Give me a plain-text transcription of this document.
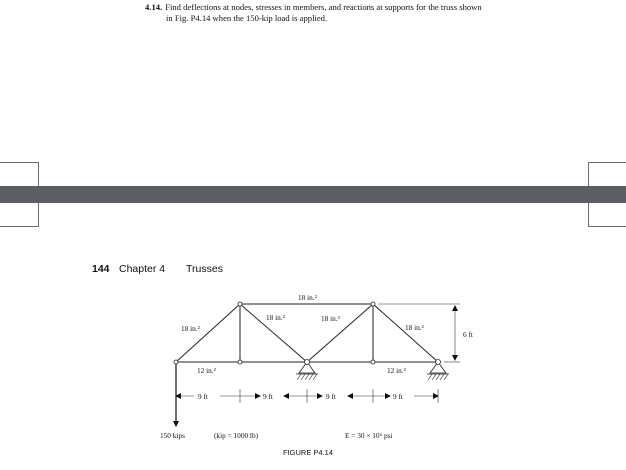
4.14. Find deflections at nodes, stresses in members, and reactions at supports for the truss shown
in Fig. P4.14 when the 150-kip load is applied.
144 Chapter 4 Trusses
18 in.²
18 in.²
18 in.²	18 in.²
18 in.²
12 in.²	12 in.²
6 ft
9 ft	9 ft	9 ft	9 ft
150 kips	(kip = 1000 lb)	E = 30 × 10⁶ psi
FIGURE P4.14
